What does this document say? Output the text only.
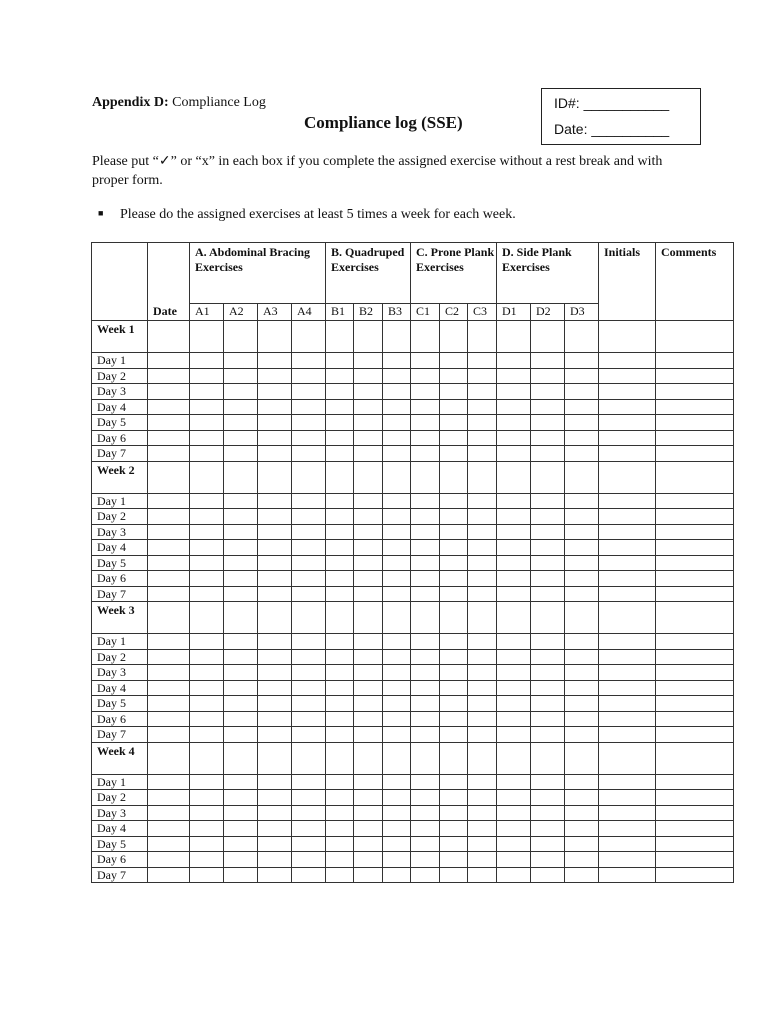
Appendix D: Compliance Log
Compliance log (SSE)
ID#: ___________
Date: __________
Please put “✓” or “x” in each box if you complete the assigned exercise without a rest break and with proper form.
■ Please do the assigned exercises at least 5 times a week for each week.
	Date	A. Abdominal Bracing Exercises				B. Quadruped Exercises			C. Prone Plank Exercises			D. Side Plank Exercises			Initials	Comments
		A1	A2	A3	A4	B1	B2	B3	C1	C2	C3	D1	D2	D3		
Week 1																
Day 1																
Day 2																
Day 3																
Day 4																
Day 5																
Day 6																
Day 7																
Week 2																
Day 1																
Day 2																
Day 3																
Day 4																
Day 5																
Day 6																
Day 7																
Week 3																
Day 1																
Day 2																
Day 3																
Day 4																
Day 5																
Day 6																
Day 7																
Week 4																
Day 1																
Day 2																
Day 3																
Day 4																
Day 5																
Day 6																
Day 7																
